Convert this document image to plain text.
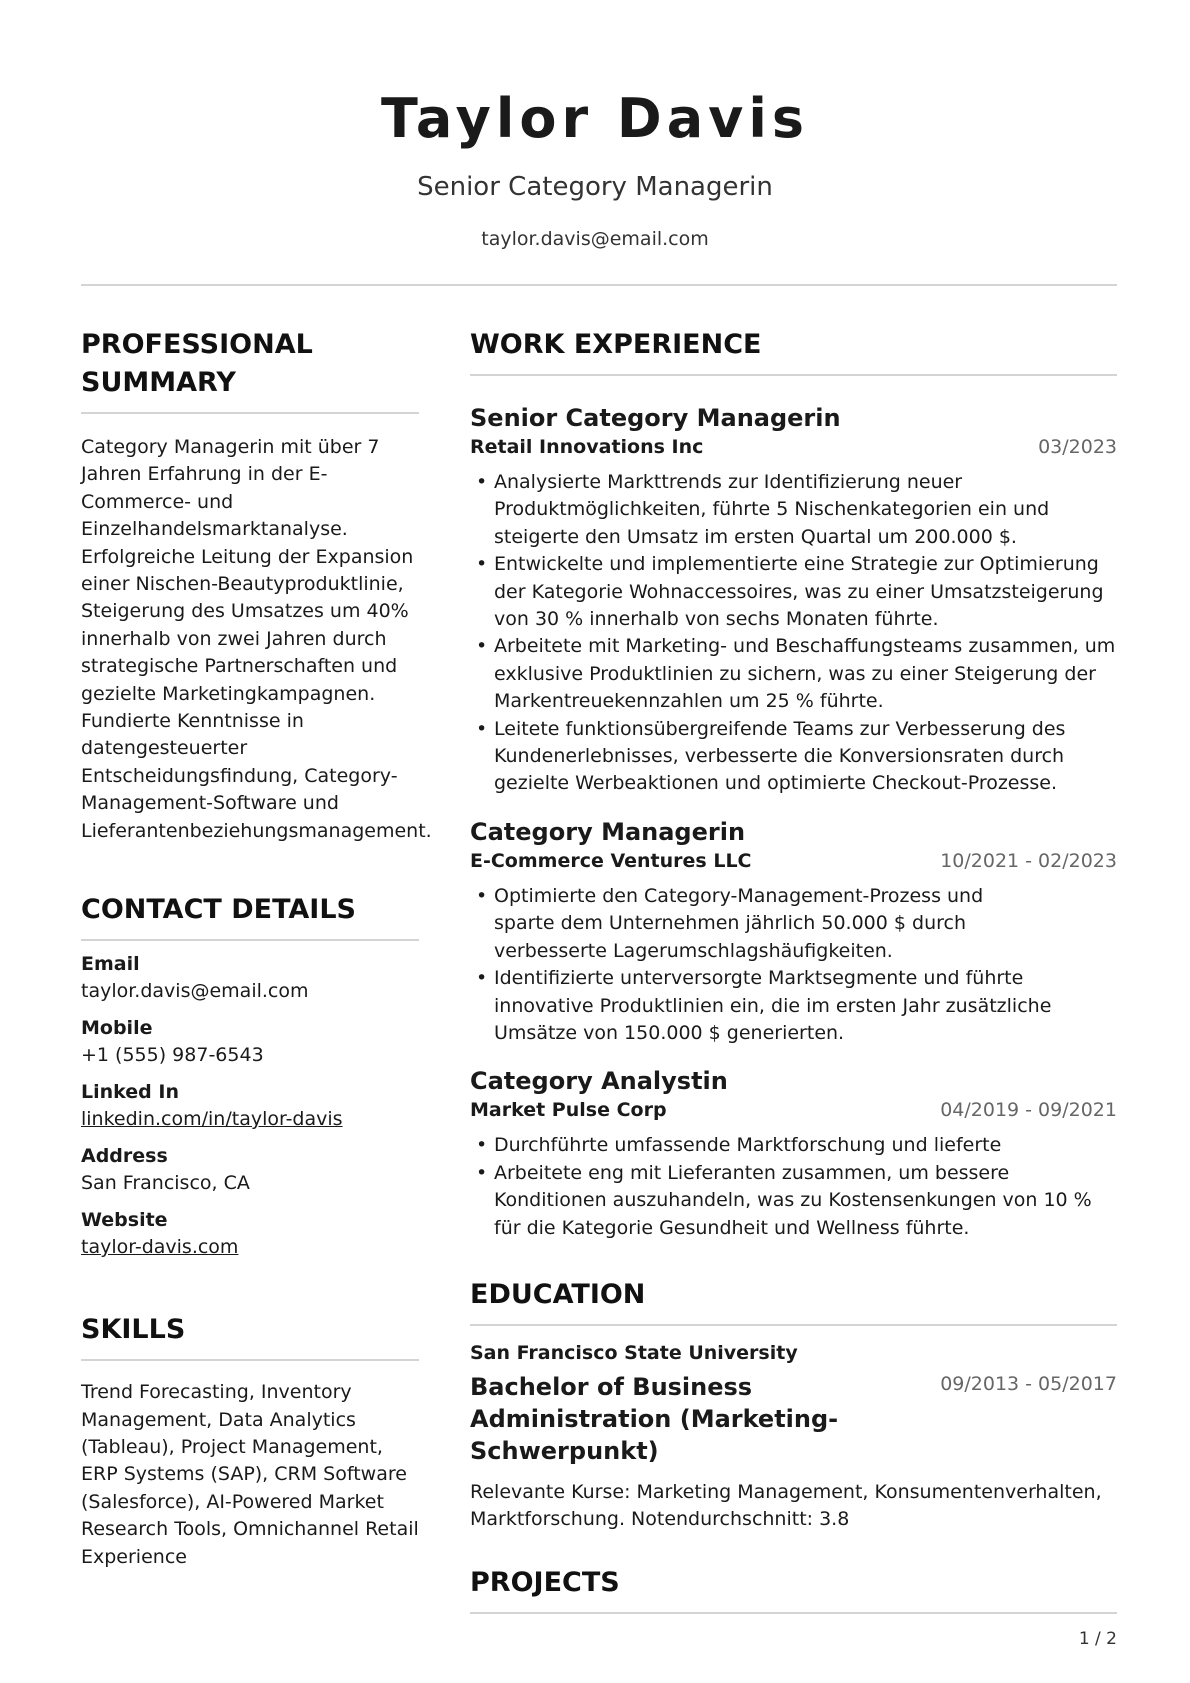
Taylor Davis
Senior Category Managerin
taylor.davis@email.com
PROFESSIONAL SUMMARY

Category Managerin mit über 7 Jahren Erfahrung in der E-Commerce- und Einzelhandelsmarktanalyse. Erfolgreiche Leitung der Expansion einer Nischen-Beautyproduktlinie, Steigerung des Umsatzes um 40% innerhalb von zwei Jahren durch strategische Partnerschaften und gezielte Marketingkampagnen. Fundierte Kenntnisse in datengesteuerter Entscheidungsfindung, Category-Management-Software und Lieferantenbeziehungsmanagement.

CONTACT DETAILS
Email
taylor.davis@email.com
Mobile
+1 (555) 987-6543
Linked In
linkedin.com/in/taylor-davis
Address
San Francisco, CA
Website
taylor-davis.com
SKILLS

Trend Forecasting, Inventory Management, Data Analytics (Tableau), Project Management, ERP Systems (SAP), CRM Software (Salesforce), AI-Powered Market Research Tools, Omnichannel Retail Experience

WORK EXPERIENCE
Senior Category Managerin
Retail Innovations Inc	03/2023
• Analysierte Markttrends zur Identifizierung neuer Produktmöglichkeiten, führte 5 Nischenkategorien ein und steigerte den Umsatz im ersten Quartal um 200.000 $.
• Entwickelte und implementierte eine Strategie zur Optimierung der Kategorie Wohnaccessoires, was zu einer Umsatzsteigerung von 30 % innerhalb von sechs Monaten führte.
• Arbeitete mit Marketing- und Beschaffungsteams zusammen, um exklusive Produktlinien zu sichern, was zu einer Steigerung der Markentreuekennzahlen um 25 % führte.
• Leitete funktionsübergreifende Teams zur Verbesserung des Kundenerlebnisses, verbesserte die Konversionsraten durch gezielte Werbeaktionen und optimierte Checkout-Prozesse.
Category Managerin
E-Commerce Ventures LLC	10/2021 - 02/2023
• Optimierte den Category-Management-Prozess und sparte dem Unternehmen jährlich 50.000 $ durch verbesserte Lagerumschlagshäufigkeiten.
• Identifizierte unterversorgte Marktsegmente und führte innovative Produktlinien ein, die im ersten Jahr zusätzliche Umsätze von 150.000 $ generierten.
Category Analystin
Market Pulse Corp	04/2019 - 09/2021
• Durchführte umfassende Marktforschung und lieferte
• Arbeitete eng mit Lieferanten zusammen, um bessere Konditionen auszuhandeln, was zu Kostensenkungen von 10 % für die Kategorie Gesundheit und Wellness führte.
EDUCATION
San Francisco State University
Bachelor of Business Administration (Marketing-Schwerpunkt)
09/2013 - 05/2017

Relevante Kurse: Marketing Management, Konsumentenverhalten, Marktforschung. Notendurchschnitt: 3.8

PROJECTS
1 / 2
